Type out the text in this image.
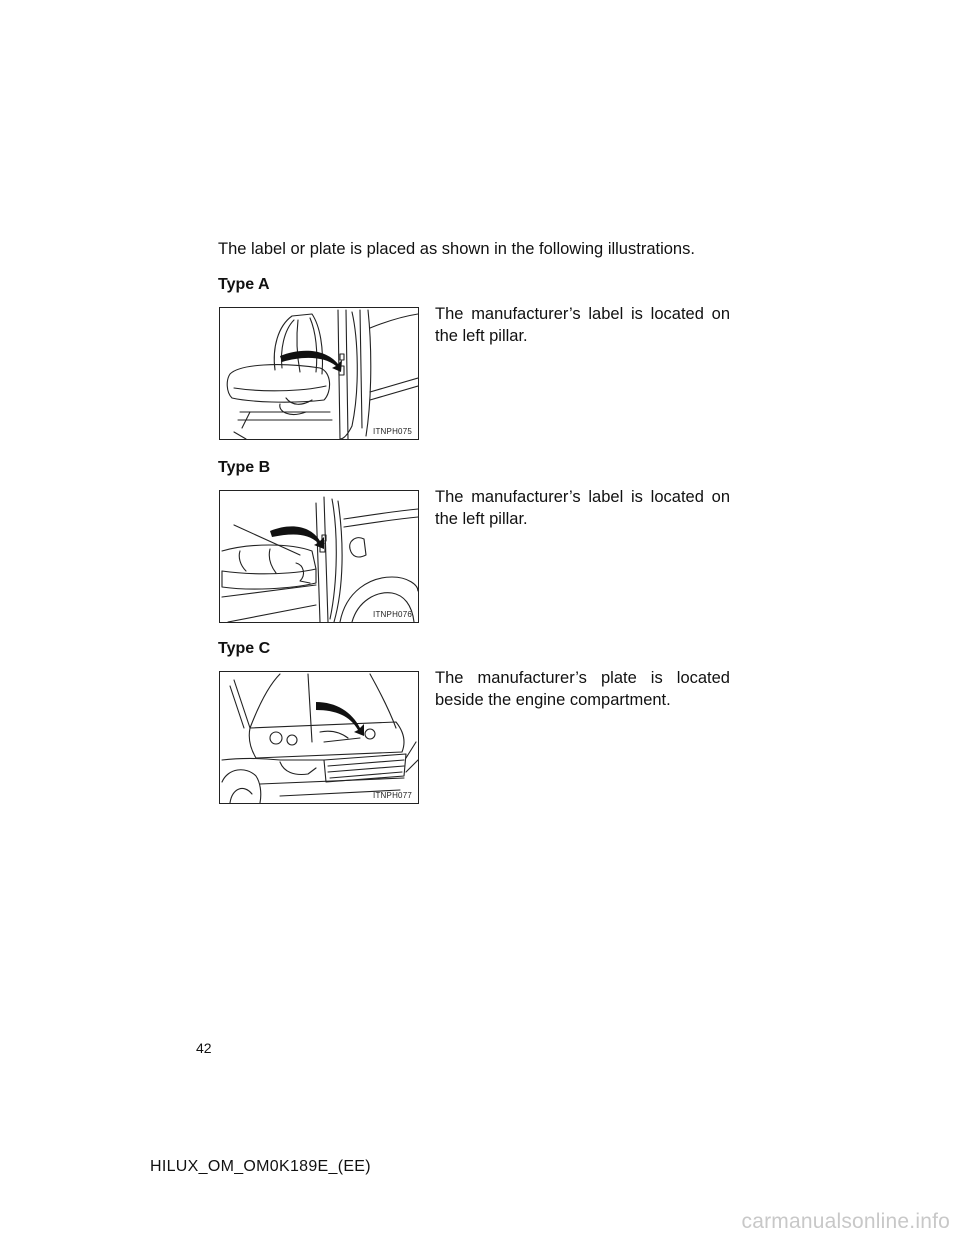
The label or plate is placed as shown in the following illustrations.
Type A
ITNPH075
The manufacturer’s label is located on the left pillar.
Type B
ITNPH076
The manufacturer’s label is located on the left pillar.
Type C
ITNPH077
The manufacturer’s plate is located beside the engine compartment.
42
HILUX_OM_OM0K189E_(EE)
carmanualsonline.info
